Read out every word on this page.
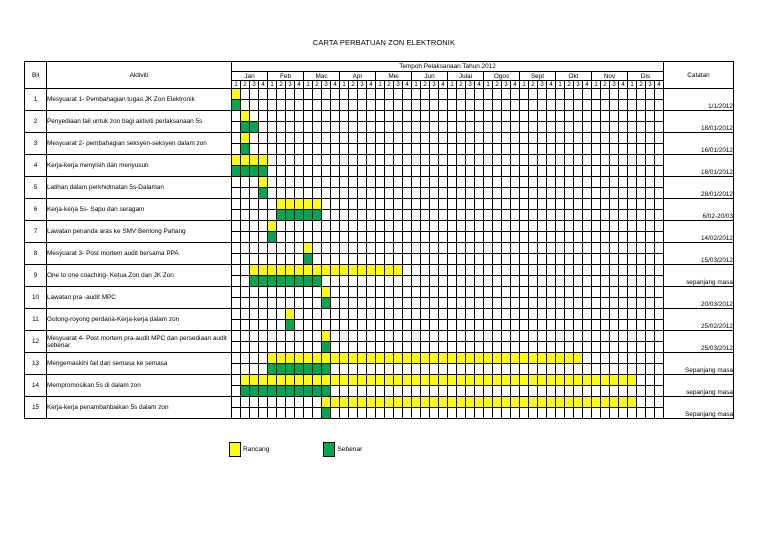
CARTA PERBATUAN ZON ELEKTRONIK
Bil	Aktiviti	Tempoh Pelaksanaan Tahun 2012																																																Catatan
		Jan				Feb				Mac				Apr				Mei				Jun				Julai				Ogos				Sept				Okt				Nov				Dis				
		1	2	3	4	1	2	3	4	1	2	3	4	1	2	3	4	1	2	3	4	1	2	3	4	1	2	3	4	1	2	3	4	1	2	3	4	1	2	3	4	1	2	3	4	1	2	3	4	
1	Mesyuarat 1- Pembahagian tugas JK Zon Elektronik																																																	1/1/2012

2	Penyediaan fail untuk zon bagi aktiviti perlaksanaan 5s																																																	18/01/2012

3	Mesyuarat 2- pembahagian seksyen-seksyen dalam zon																																																	16/01/2012

4	Kerja-kerja menyisih dan menyusun																																																	18/01/2012

5	Latihan dalam perkhidmatan 5s-Dalaman																																																	28/01/2012

6	Kerja-kerja 5s- Sapu dan seragam																																																	6/02-20/03

7	Lawatan penanda aras ke SMV Bentong Pahang																																																	14/02/2012

8	Mesyuarat 3- Post mortem audit bersama PPA																																																	15/03/2012

9	One to one coaching- Ketua Zon dan JK Zon																																																	sepanjang masa

10	Lawatan pra -audit MPC																																																	20/03/2012

11	Gotong-royong perdana-Kerja-kerja dalam zon																																																	25/02/2012

12	Mesyuarat 4- Post mortem pra-audit MPC dan persediaan audit sebenar																																																	25/03/2012

13	Mengemaskini fail dari semasa ke semasa																																																	Sepanjang masa

14	Mempromosikan 5s di dalam zon																																																	sepanjang masa

15	Kerja-kerja penambahbaikan 5s dalam zon																																																	Sepanjang masa

Rancang	Sebenar
